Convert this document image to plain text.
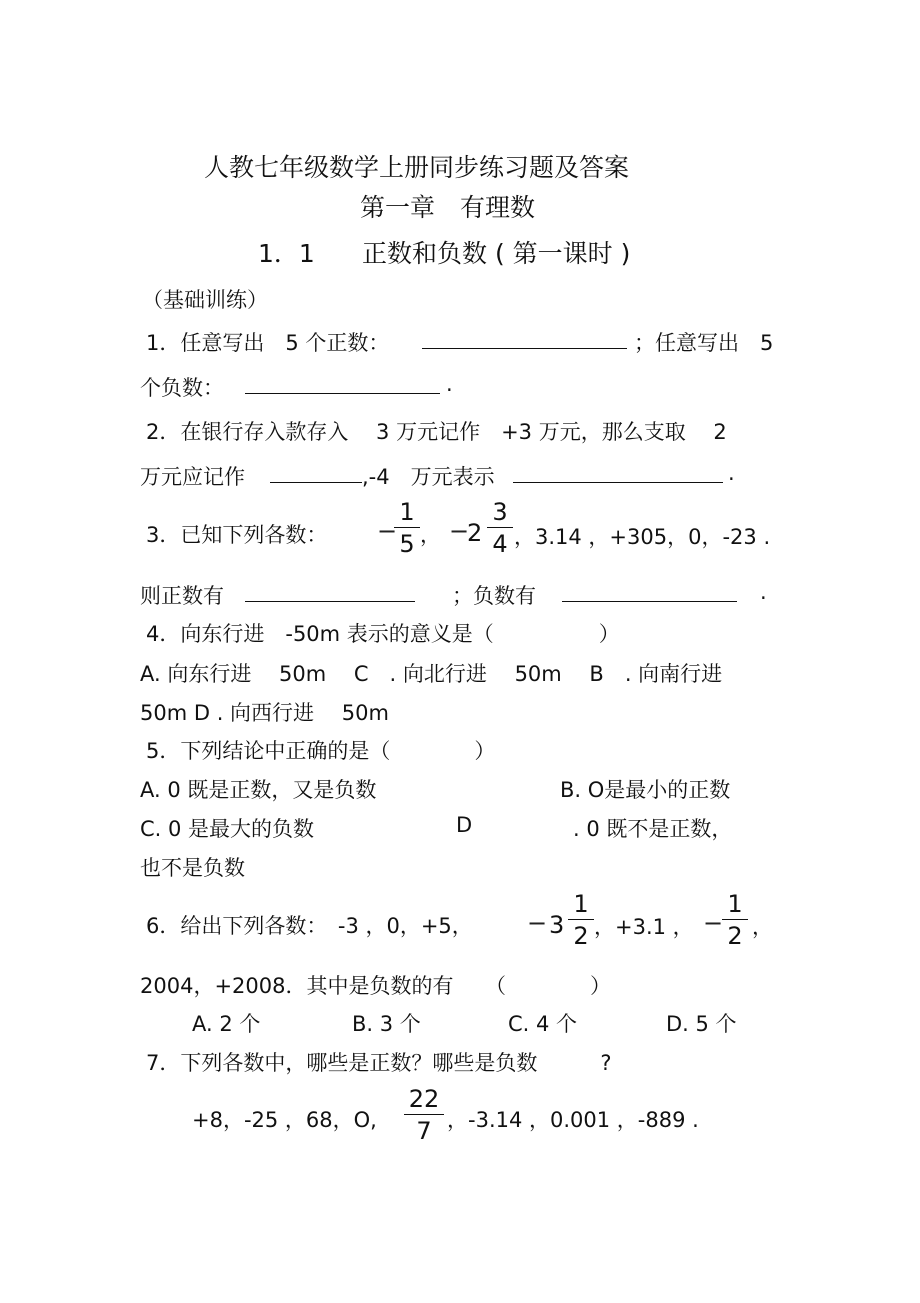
人教七年级数学上册同步练习题及答案
第一章　有理数
1．1 正数和负数 ( 第一课时 )
（基础训练）
1．任意写出　5 个正数：	；任意写出　5
个负数：	.
2．在银行存入款存入　 3 万元记作　+3 万元，那么支取　 2
万元应记作	,-4　万元表示	.
3．已知下列各数： −
1
5 ， −
2
3
4 ，3.14 ，+305，0，-23 .
则正数有	；负数有	.
4．向东行进　-50m 表示的意义是（　　　　　）
A. 向东行进　 50m　 C　. 向北行进　 50m　 B　. 向南行进
50m D . 向西行进　 50m
5．下列结论中正确的是（　　　　）
A. 0 既是正数，又是负数	B. O是最小的正数
C. 0 是最大的负数	D	. 0 既不是正数，
也不是负数
6．给出下列各数：　-3 ，0，+5， − 3
1
2 ，+3.1 ， −
1
2 ，
2004，+2008．其中是负数的有　　（　　　　）
A. 2 个	B. 3 个	C. 4 个	D. 5 个
7．下列各数中，哪些是正数？哪些是负数　　　?
+8，-25 ，68，O,
22
7 ，-3.14 ，0.001 ，-889 .
